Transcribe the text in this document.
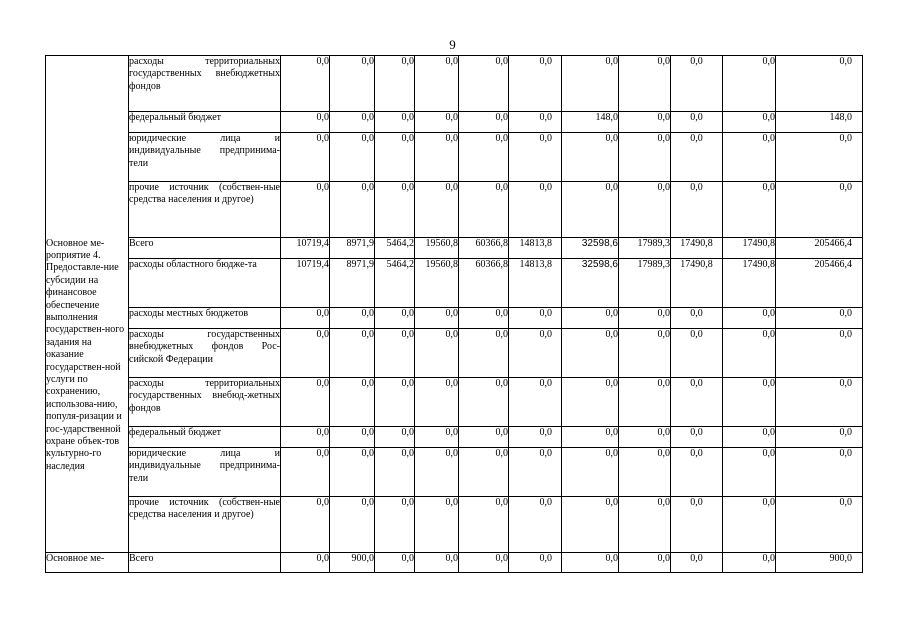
9
	расходы территориальных государственных внебюджетных фондов	0,0	0,0	0,0	0,0	0,0	0,0	0,0	0,0	0,0	0,0	0,0
	федеральный бюджет	0,0	0,0	0,0	0,0	0,0	0,0	148,0	0,0	0,0	0,0	148,0
	юридические лица и индивидуальные предпринима-тели	0,0	0,0	0,0	0,0	0,0	0,0	0,0	0,0	0,0	0,0	0,0
	прочие источник (собствен-ные средства населения и другое)	0,0	0,0	0,0	0,0	0,0	0,0	0,0	0,0	0,0	0,0	0,0
Основное ме-роприятие 4. Предоставле-ние субсидии на финансовое обеспечение выполнения государствен-ного задания на оказание государствен-ной услуги по сохранению, использова-нию, популя-ризации и гос-ударственной охране объек-тов культурно-го наследия	Всего	10719,4	8971,9	5464,2	19560,8	60366,8	14813,8	32598,6	17989,3	17490,8	17490,8	205466,4
	расходы областного бюдже-та	10719,4	8971,9	5464,2	19560,8	60366,8	14813,8	32598,6	17989,3	17490,8	17490,8	205466,4
	расходы местных бюджетов	0,0	0,0	0,0	0,0	0,0	0,0	0,0	0,0	0,0	0,0	0,0
	расходы государственных внебюджетных фондов Рос-сийской Федерации	0,0	0,0	0,0	0,0	0,0	0,0	0,0	0,0	0,0	0,0	0,0
	расходы территориальных государственных внебюд-жетных фондов	0,0	0,0	0,0	0,0	0,0	0,0	0,0	0,0	0,0	0,0	0,0
	федеральный бюджет	0,0	0,0	0,0	0,0	0,0	0,0	0,0	0,0	0,0	0,0	0,0
	юридические лица и индивидуальные предпринима-тели	0,0	0,0	0,0	0,0	0,0	0,0	0,0	0,0	0,0	0,0	0,0
	прочие источник (собствен-ные средства населения и другое)	0,0	0,0	0,0	0,0	0,0	0,0	0,0	0,0	0,0	0,0	0,0
Основное ме-	Всего	0,0	900,0	0,0	0,0	0,0	0,0	0,0	0,0	0,0	0,0	900,0
